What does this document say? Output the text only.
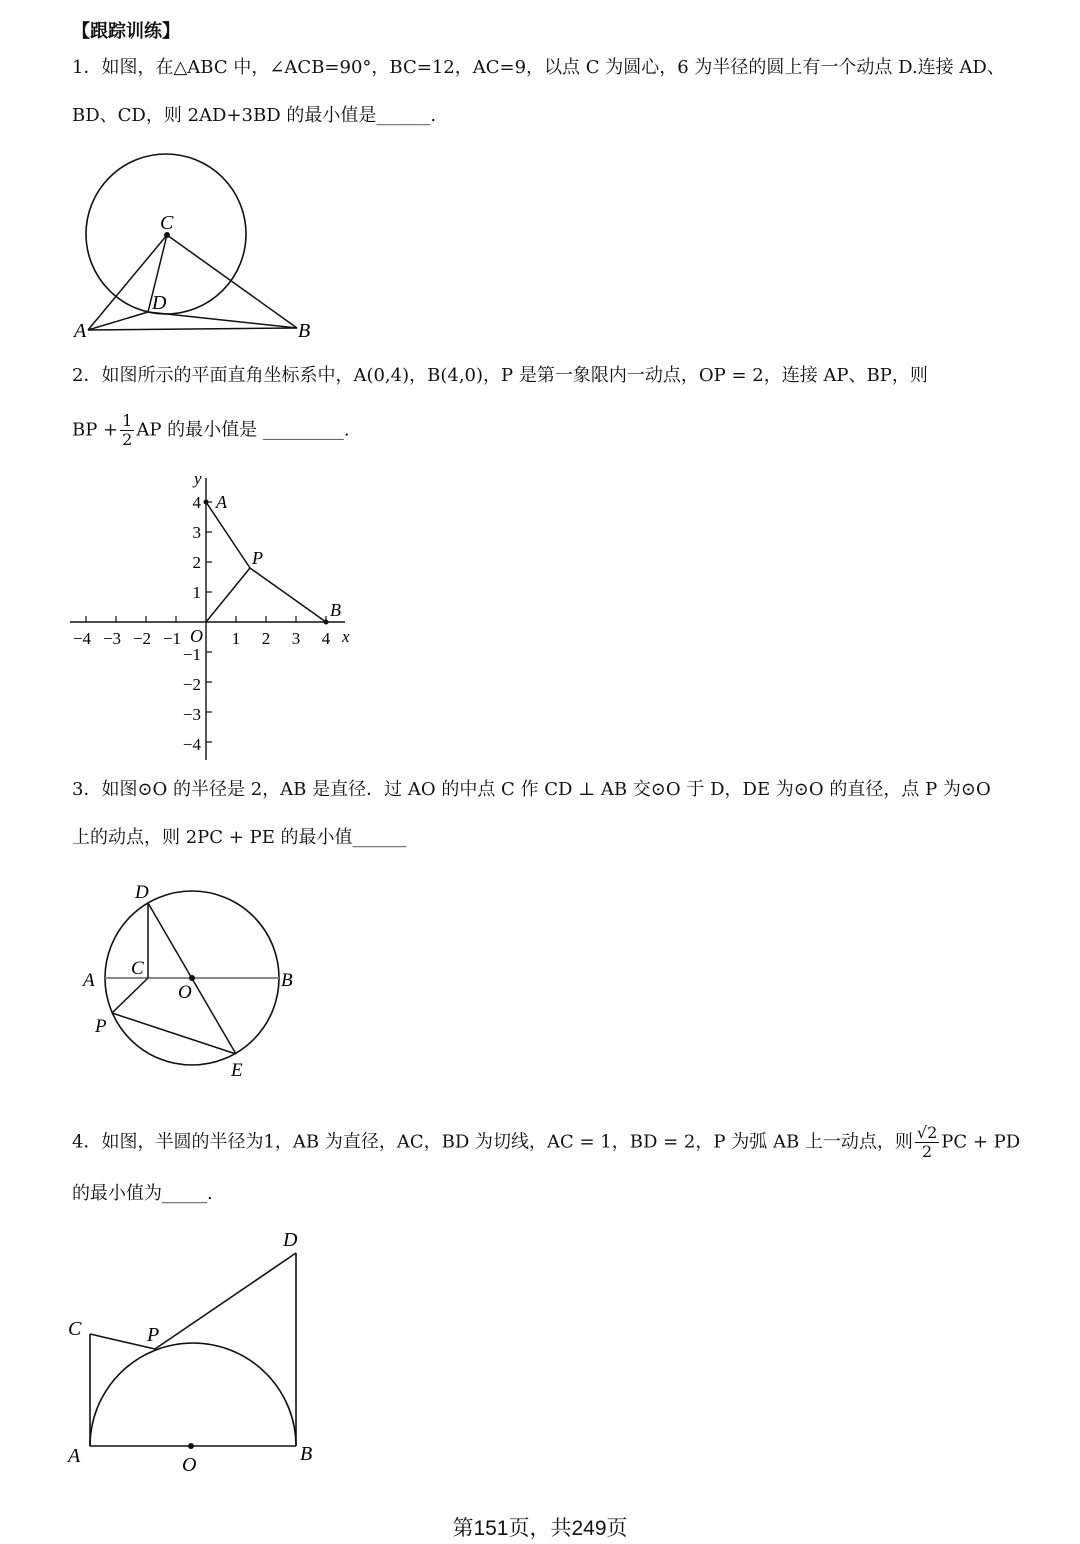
【跟踪训练】
1．如图，在△ABC 中，∠ACB=90°，BC=12，AC=9，以点 C 为圆心，6 为半径的圆上有一个动点 D.连接 AD、
BD、CD，则 2AD+3BD 的最小值是______.
C
D
A	B
2．如图所示的平面直角坐标系中，A(0,4)，B(4,0)，P 是第一象限内一动点，OP = 2，连接 AP、BP，则
BP + $\frac{1}{2}$ AP 的最小值是 _________.
−4 −3 −2 −1	1 2 3 4
4
3
2
1
−1
−2
−3
−4
O	x
y
A
P
B
3．如图⊙O 的半径是 2，AB 是直径．过 AO 的中点 C 作 CD ⊥ AB 交⊙O 于 D，DE 为⊙O 的直径，点 P 为⊙O
上的动点，则 2PC + PE 的最小值______
D
C
A
O
B
P
E
4．如图，半圆的半径为1，AB 为直径，AC，BD 为切线，AC = 1，BD = 2，P 为弧 AB 上一动点，则 $\frac{√2}{2}$ PC + PD
的最小值为_____.
D
C	P
A	O	B
第151页，共249页
